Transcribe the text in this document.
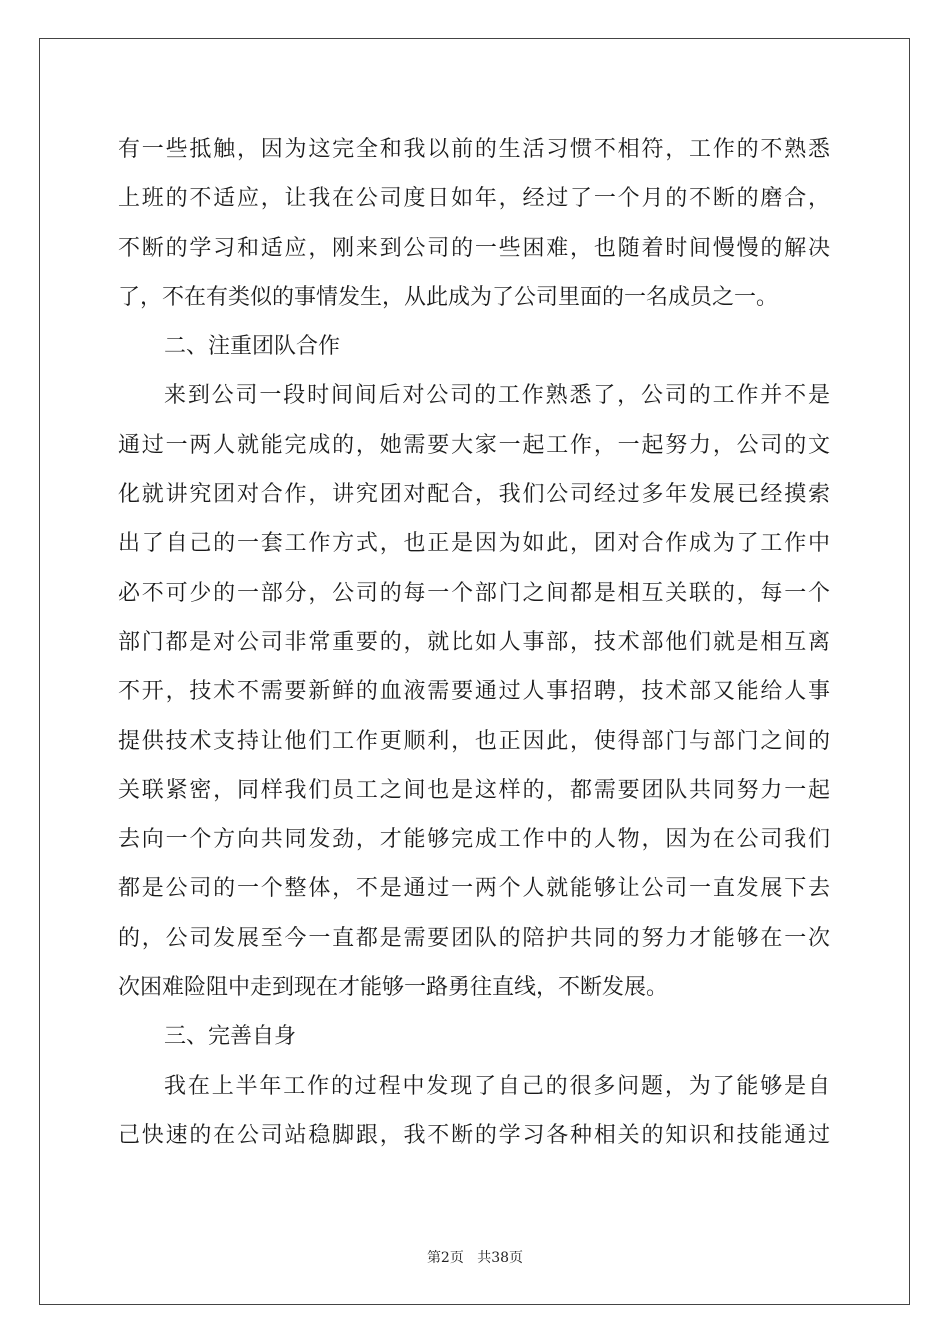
有一些抵触，因为这完全和我以前的生活习惯不相符，工作的不熟悉
上班的不适应，让我在公司度日如年，经过了一个月的不断的磨合，
不断的学习和适应，刚来到公司的一些困难，也随着时间慢慢的解决
了，不在有类似的事情发生，从此成为了公司里面的一名成员之一。
二、注重团队合作
来到公司一段时间间后对公司的工作熟悉了，公司的工作并不是
通过一两人就能完成的，她需要大家一起工作，一起努力，公司的文
化就讲究团对合作，讲究团对配合，我们公司经过多年发展已经摸索
出了自己的一套工作方式，也正是因为如此，团对合作成为了工作中
必不可少的一部分，公司的每一个部门之间都是相互关联的，每一个
部门都是对公司非常重要的，就比如人事部，技术部他们就是相互离
不开，技术不需要新鲜的血液需要通过人事招聘，技术部又能给人事
提供技术支持让他们工作更顺利，也正因此，使得部门与部门之间的
关联紧密，同样我们员工之间也是这样的，都需要团队共同努力一起
去向一个方向共同发劲，才能够完成工作中的人物，因为在公司我们
都是公司的一个整体，不是通过一两个人就能够让公司一直发展下去
的，公司发展至今一直都是需要团队的陪护共同的努力才能够在一次
次困难险阻中走到现在才能够一路勇往直线，不断发展。
三、完善自身
我在上半年工作的过程中发现了自己的很多问题，为了能够是自
己快速的在公司站稳脚跟，我不断的学习各种相关的知识和技能通过
第2页 共38页
